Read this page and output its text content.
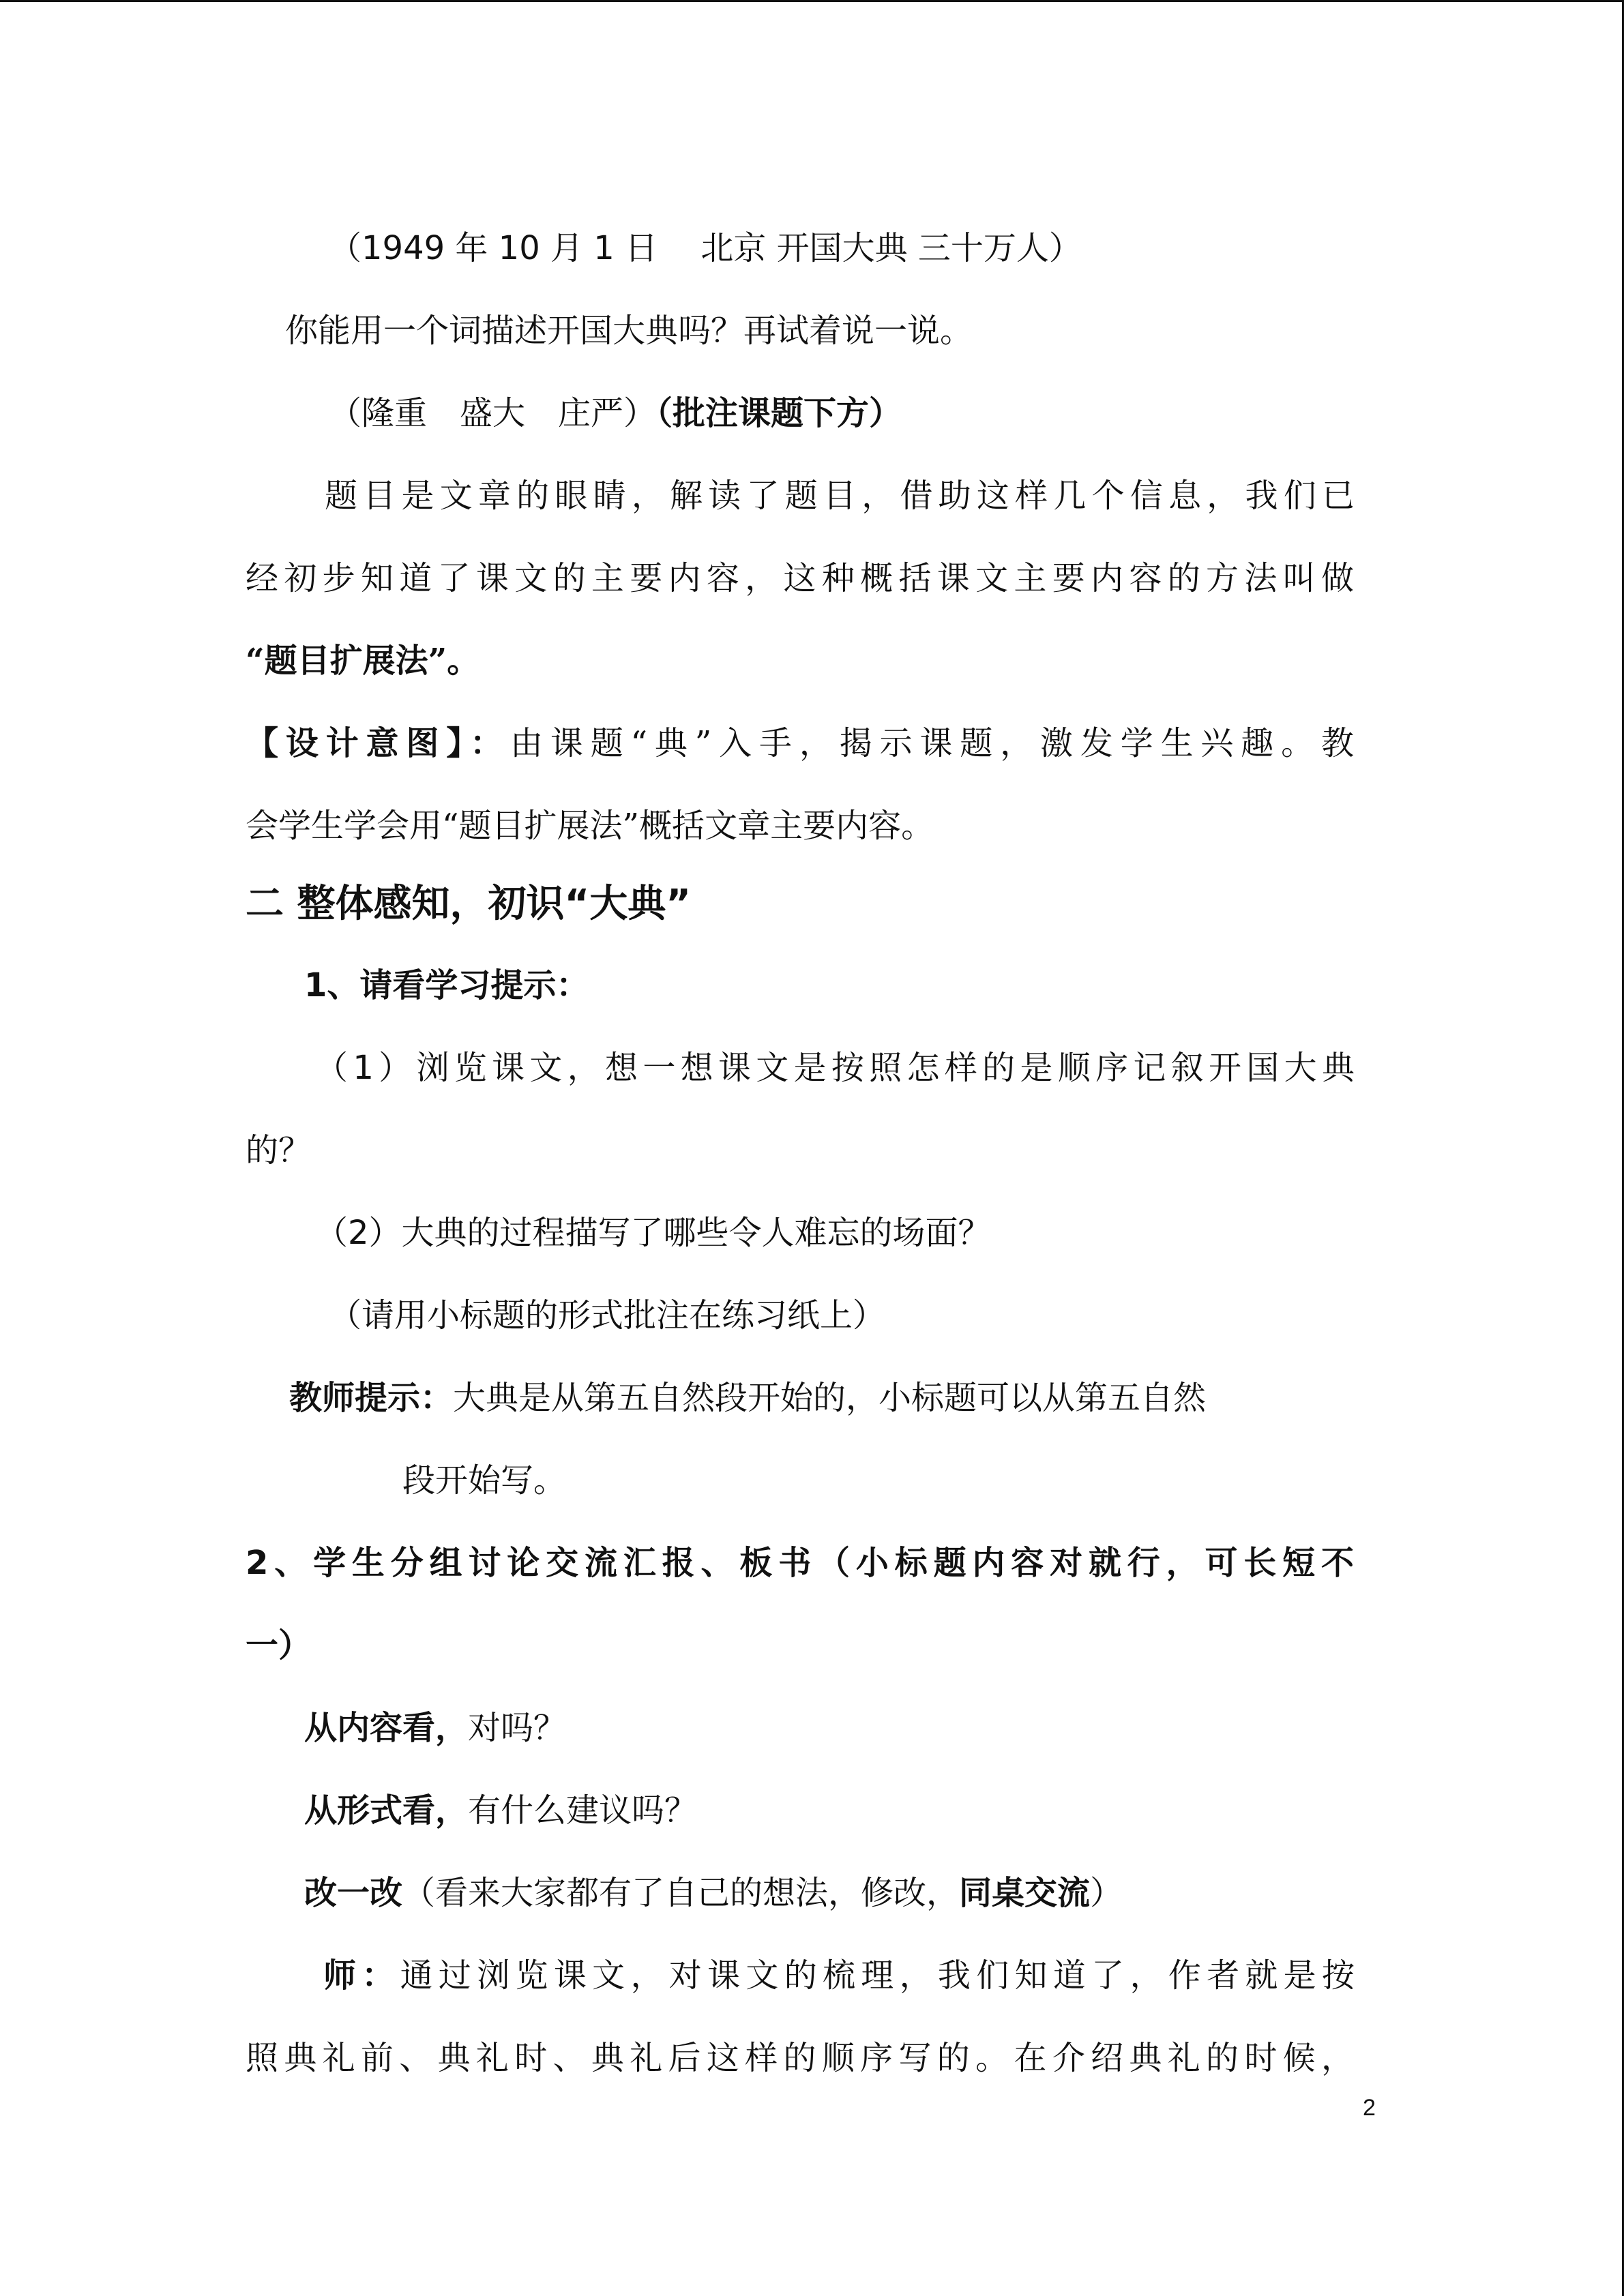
（1949 年 10 月 1 日　 北京 开国大典 三十万人）
你能用一个词描述开国大典吗？再试着说一说。
（隆重　盛大　庄严）（批注课题下方）
题目是文章的眼睛，解读了题目，借助这样几个信息，我们已
经初步知道了课文的主要内容，这种概括课文主要内容的方法叫做
“题目扩展法”。
【设计意图】：由课题“典”入手，揭示课题，激发学生兴趣。教
会学生学会用“题目扩展法”概括文章主要内容。
二 整体感知，初识“大典”
1、请看学习提示：
（1）浏览课文，想一想课文是按照怎样的是顺序记叙开国大典
的？
（2）大典的过程描写了哪些令人难忘的场面？
（请用小标题的形式批注在练习纸上）
教师提示：大典是从第五自然段开始的，小标题可以从第五自然
段开始写。
2、学生分组讨论交流汇报、板书（小标题内容对就行，可长短不
一）
从内容看，对吗？
从形式看，有什么建议吗？
改一改（看来大家都有了自己的想法，修改，同桌交流）
师：通过浏览课文，对课文的梳理，我们知道了，作者就是按
照典礼前、典礼时、典礼后这样的顺序写的。在介绍典礼的时候，
2
